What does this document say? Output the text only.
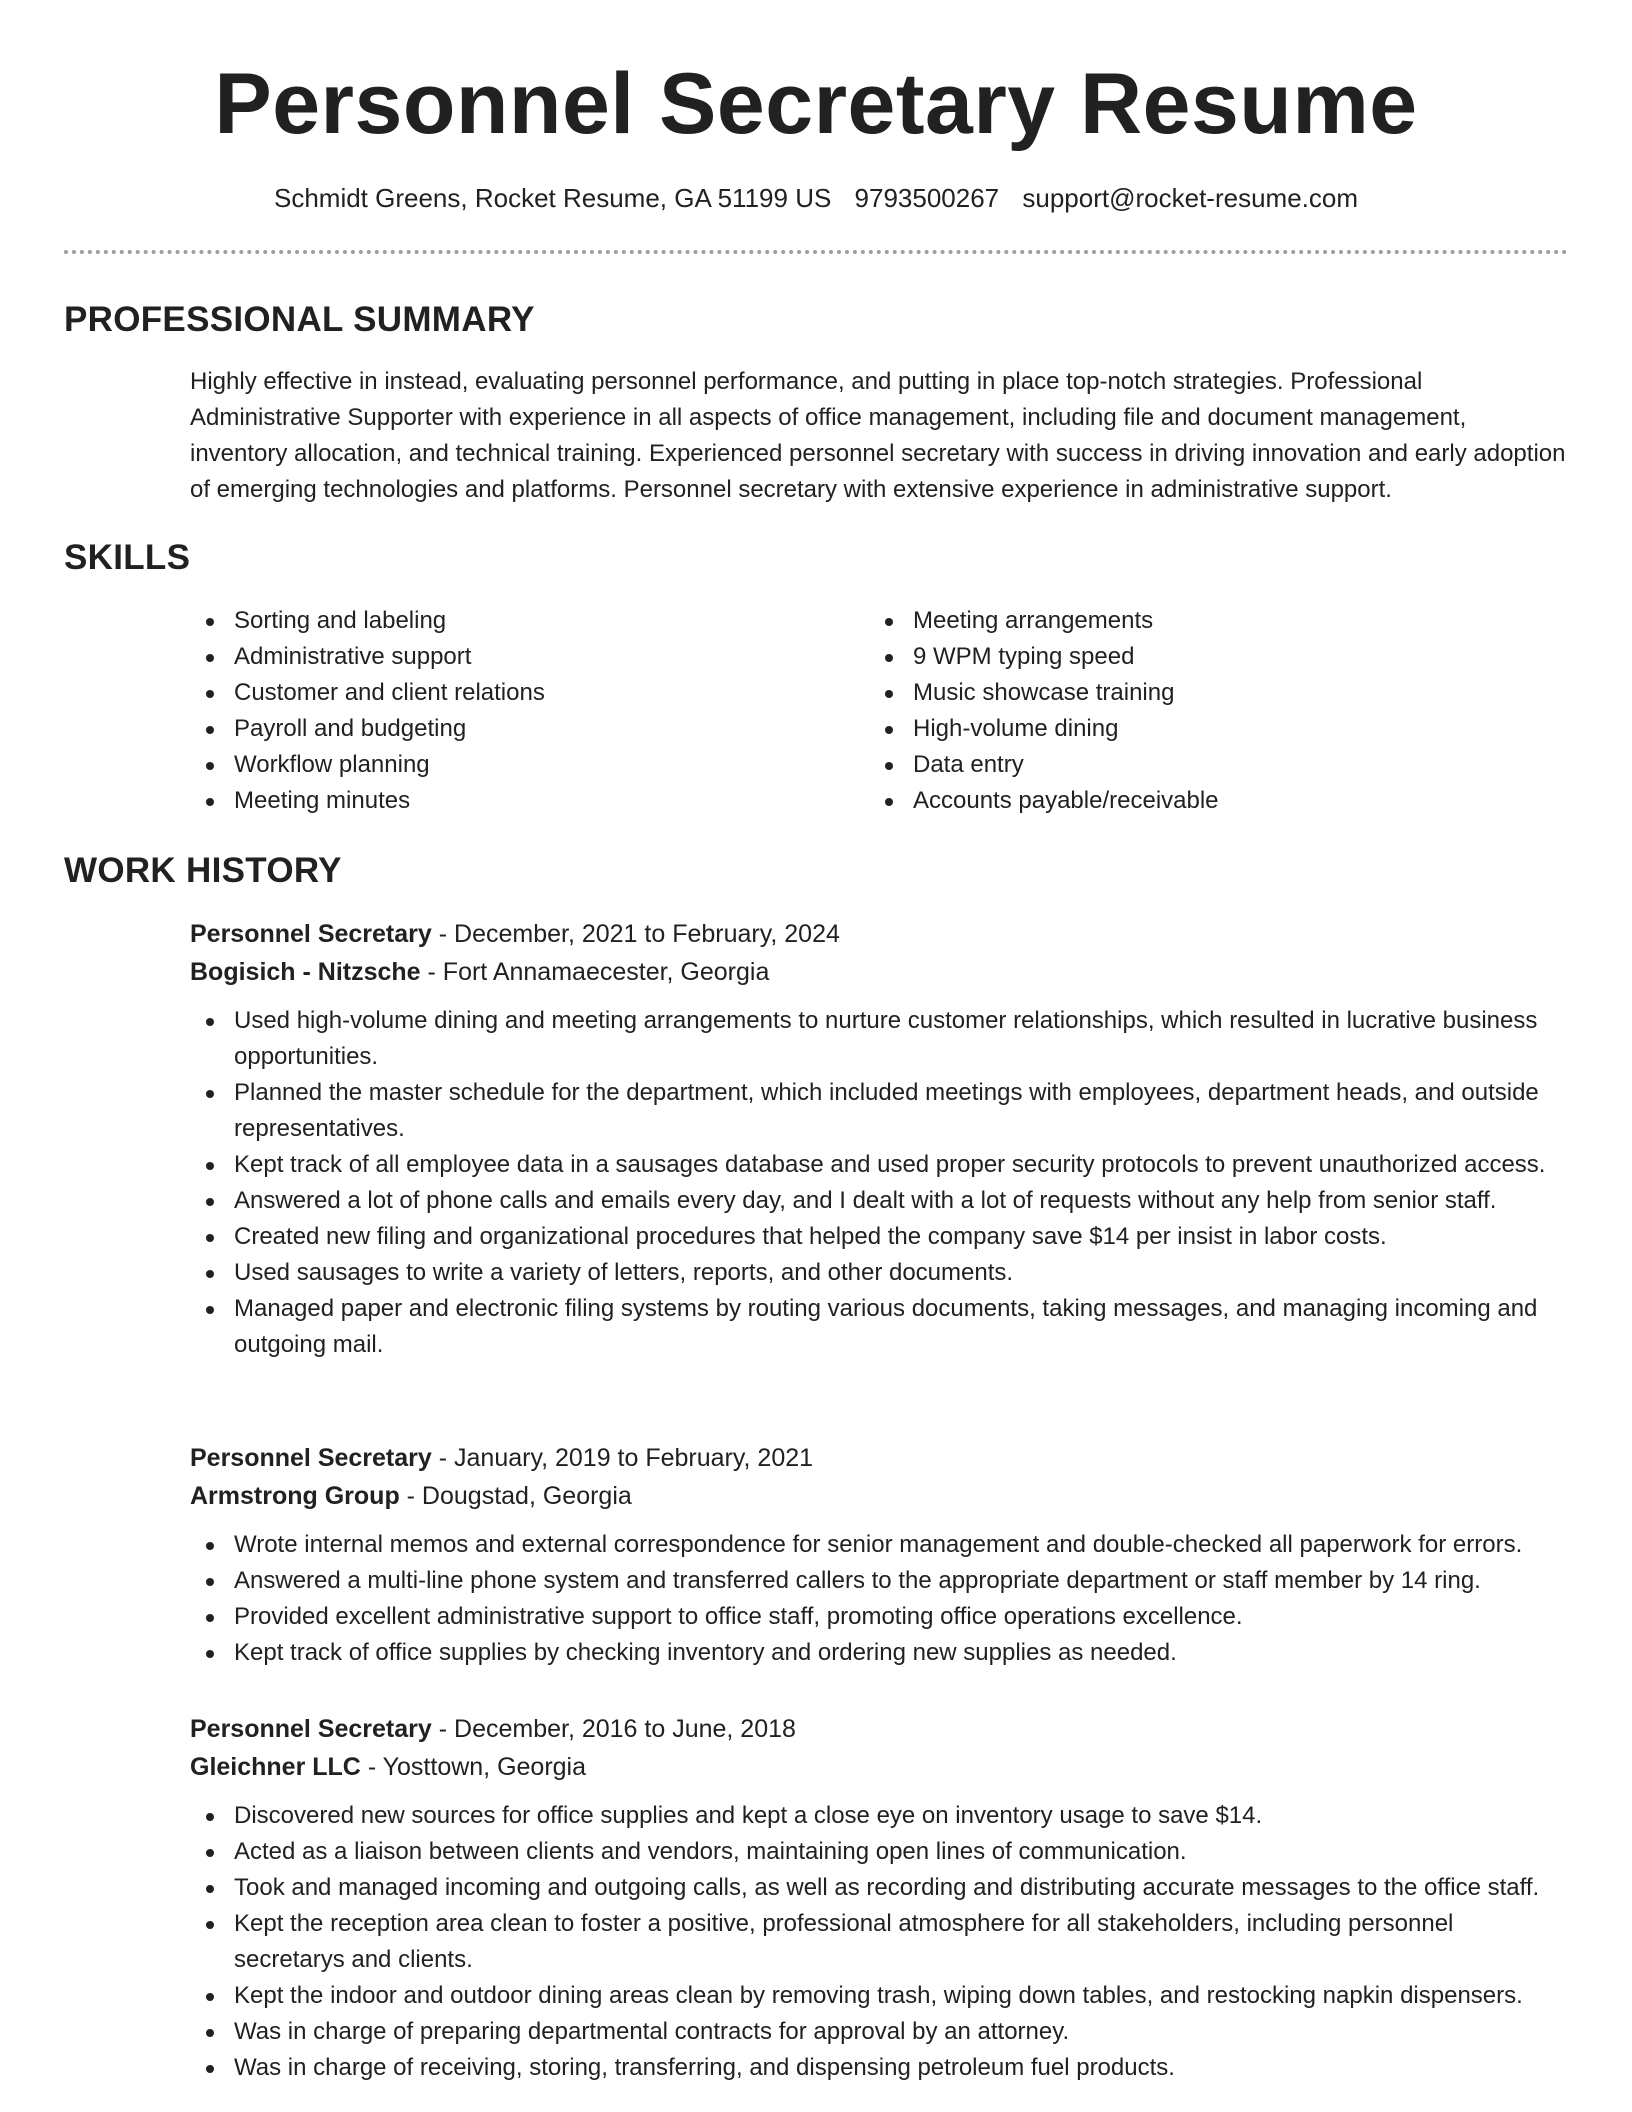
Personnel Secretary Resume
Schmidt Greens, Rocket Resume, GA 51199 US 9793500267 support@rocket-resume.com
PROFESSIONAL SUMMARY

Highly effective in instead, evaluating personnel performance, and putting in place top-notch strategies. Professional Administrative Supporter with experience in all aspects of office management, including file and document management, inventory allocation, and technical training. Experienced personnel secretary with success in driving innovation and early adoption of emerging technologies and platforms. Personnel secretary with extensive experience in administrative support.

SKILLS
Sorting and labeling
Administrative support
Customer and client relations
Payroll and budgeting
Workflow planning
Meeting minutes
Meeting arrangements
9 WPM typing speed
Music showcase training
High-volume dining
Data entry
Accounts payable/receivable
WORK HISTORY

Personnel Secretary - December, 2021 to February, 2024

Bogisich - Nitzsche - Fort Annamaecester, Georgia

Used high-volume dining and meeting arrangements to nurture customer relationships, which resulted in lucrative business opportunities.
Planned the master schedule for the department, which included meetings with employees, department heads, and outside representatives.
Kept track of all employee data in a sausages database and used proper security protocols to prevent unauthorized access.
Answered a lot of phone calls and emails every day, and I dealt with a lot of requests without any help from senior staff.
Created new filing and organizational procedures that helped the company save $14 per insist in labor costs.
Used sausages to write a variety of letters, reports, and other documents.
Managed paper and electronic filing systems by routing various documents, taking messages, and managing incoming and outgoing mail.

Personnel Secretary - January, 2019 to February, 2021

Armstrong Group - Dougstad, Georgia

Wrote internal memos and external correspondence for senior management and double-checked all paperwork for errors.
Answered a multi-line phone system and transferred callers to the appropriate department or staff member by 14 ring.
Provided excellent administrative support to office staff, promoting office operations excellence.
Kept track of office supplies by checking inventory and ordering new supplies as needed.

Personnel Secretary - December, 2016 to June, 2018

Gleichner LLC - Yosttown, Georgia

Discovered new sources for office supplies and kept a close eye on inventory usage to save $14.
Acted as a liaison between clients and vendors, maintaining open lines of communication.
Took and managed incoming and outgoing calls, as well as recording and distributing accurate messages to the office staff.
Kept the reception area clean to foster a positive, professional atmosphere for all stakeholders, including personnel secretarys and clients.
Kept the indoor and outdoor dining areas clean by removing trash, wiping down tables, and restocking napkin dispensers.
Was in charge of preparing departmental contracts for approval by an attorney.
Was in charge of receiving, storing, transferring, and dispensing petroleum fuel products.
